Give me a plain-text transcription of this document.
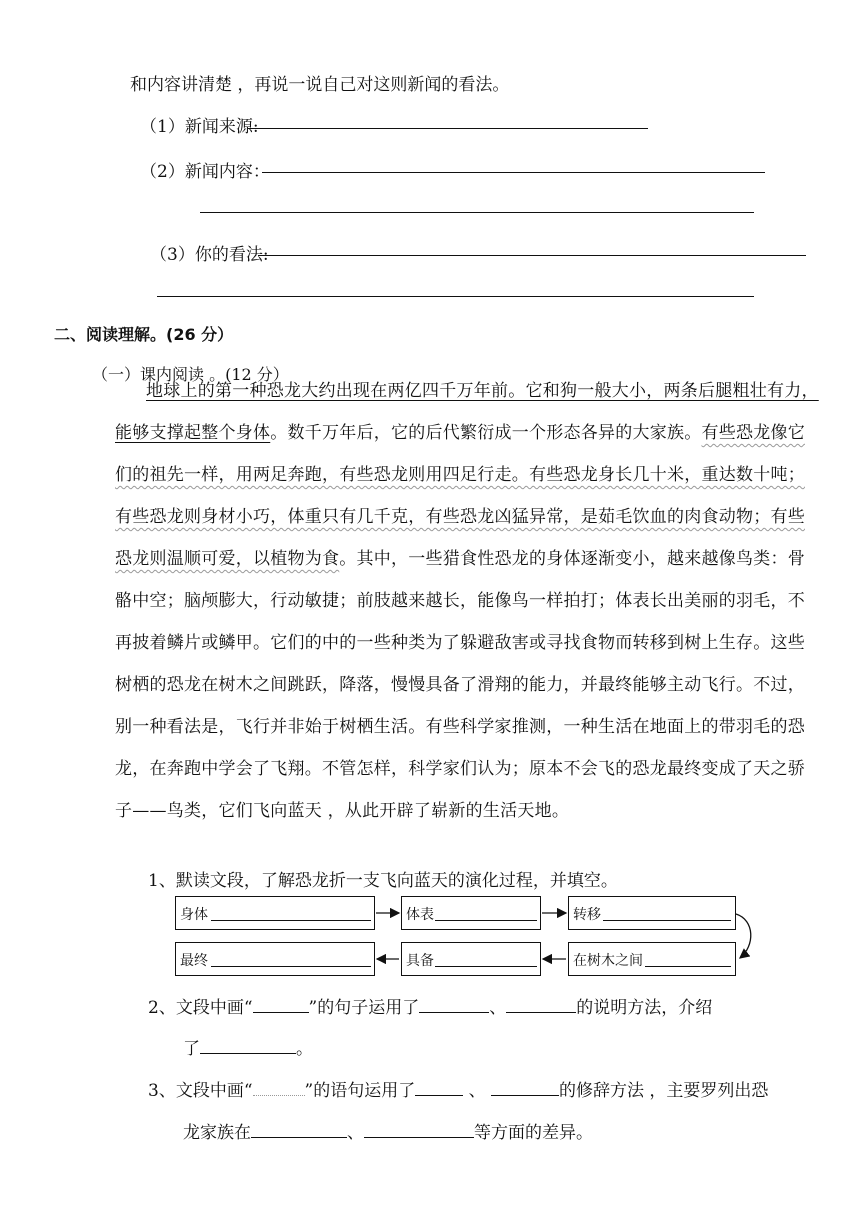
和内容讲清楚 ，再说一说自己对这则新闻的看法。
（1）新闻来源:
（2）新闻内容：
（3）你的看法:
二、阅读理解。(26 分）
（一）课内阅读 。(12 分）
地球上的第一种恐龙大约出现在两亿四千万年前。它和狗一般大小，两条后腿粗壮有力，
能够支撑起整个身体。数千万年后，它的后代繁衍成一个形态各异的大家族。有些恐龙像它
们的祖先一样，用两足奔跑，有些恐龙则用四足行走。有些恐龙身长几十米，重达数十吨；
有些恐龙则身材小巧，体重只有几千克，有些恐龙凶猛异常，是茹毛饮血的肉食动物；有些
恐龙则温顺可爱，以植物为食。其中，一些猎食性恐龙的身体逐渐变小，越来越像鸟类：骨
骼中空；脑颅膨大，行动敏捷；前肢越来越长，能像鸟一样拍打；体表长出美丽的羽毛，不
再披着鳞片或鳞甲。它们的中的一些种类为了躲避敌害或寻找食物而转移到树上生存。这些
树栖的恐龙在树木之间跳跃，降落，慢慢具备了滑翔的能力，并最终能够主动飞行。不过，
别一种看法是，飞行并非始于树栖生活。有些科学家推测，一种生活在地面上的带羽毛的恐
龙，在奔跑中学会了飞翔。不管怎样，科学家们认为；原本不会飞的恐龙最终变成了天之骄
子——鸟类，它们飞向蓝天 ，从此开辟了崭新的生活天地。
1、默读文段，了解恐龙折一支飞向蓝天的演化过程，并填空。
身体	体表	转移
在树木之间
具备
最终
2、文段中画“	”的句子运用了	、	的说明方法，介绍
了	。
3、文段中画“	”的语句运用了	、	的修辞方法 ，主要罗列出恐
龙家族在	、	等方面的差异。
